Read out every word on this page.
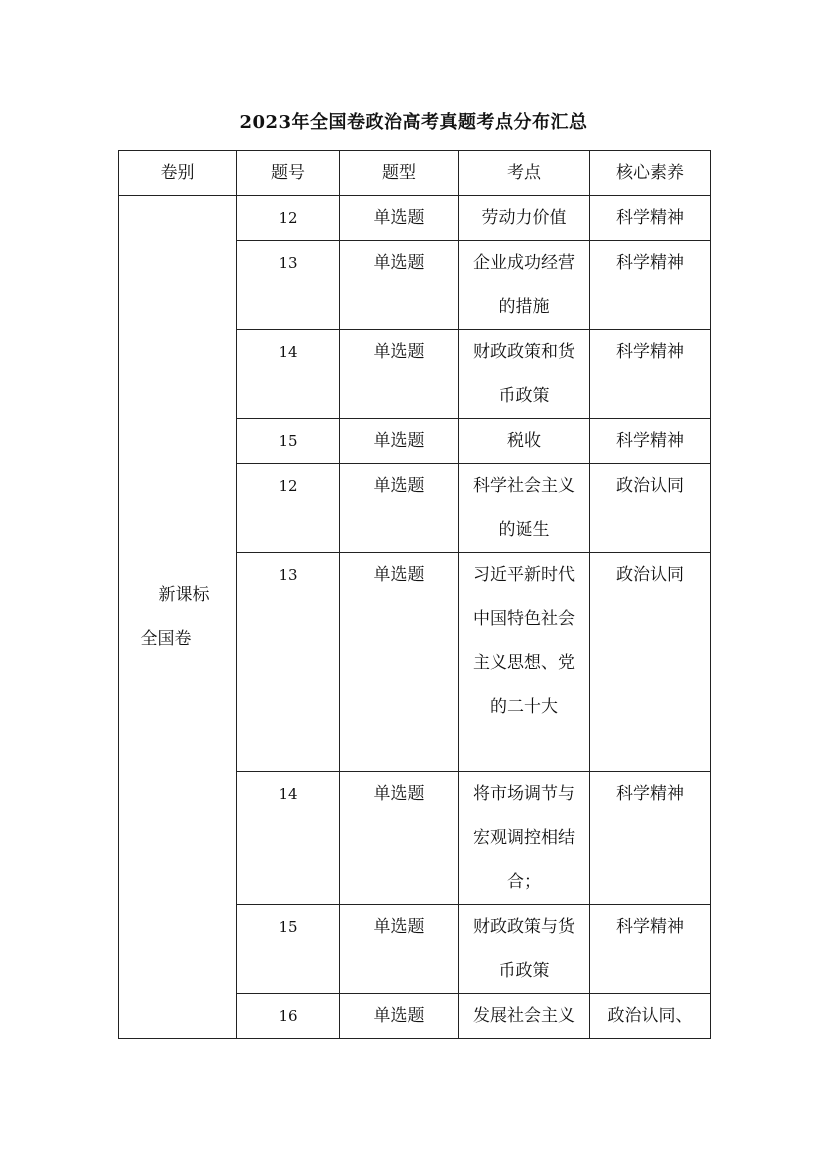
2023年全国卷政治高考真题考点分布汇总
卷别	题号	题型	考点	核心素养
新课标全国卷	12	单选题	劳动力价值	科学精神
	13	单选题	企业成功经营的措施	科学精神
	14	单选题	财政政策和货币政策	科学精神
	15	单选题	税收	科学精神
	12	单选题	科学社会主义的诞生	政治认同
	13	单选题	习近平新时代中国特色社会主义思想、党的二十大	政治认同
	14	单选题	将市场调节与宏观调控相结合；	科学精神
	15	单选题	财政政策与货币政策	科学精神
	16	单选题	发展社会主义	政治认同、
